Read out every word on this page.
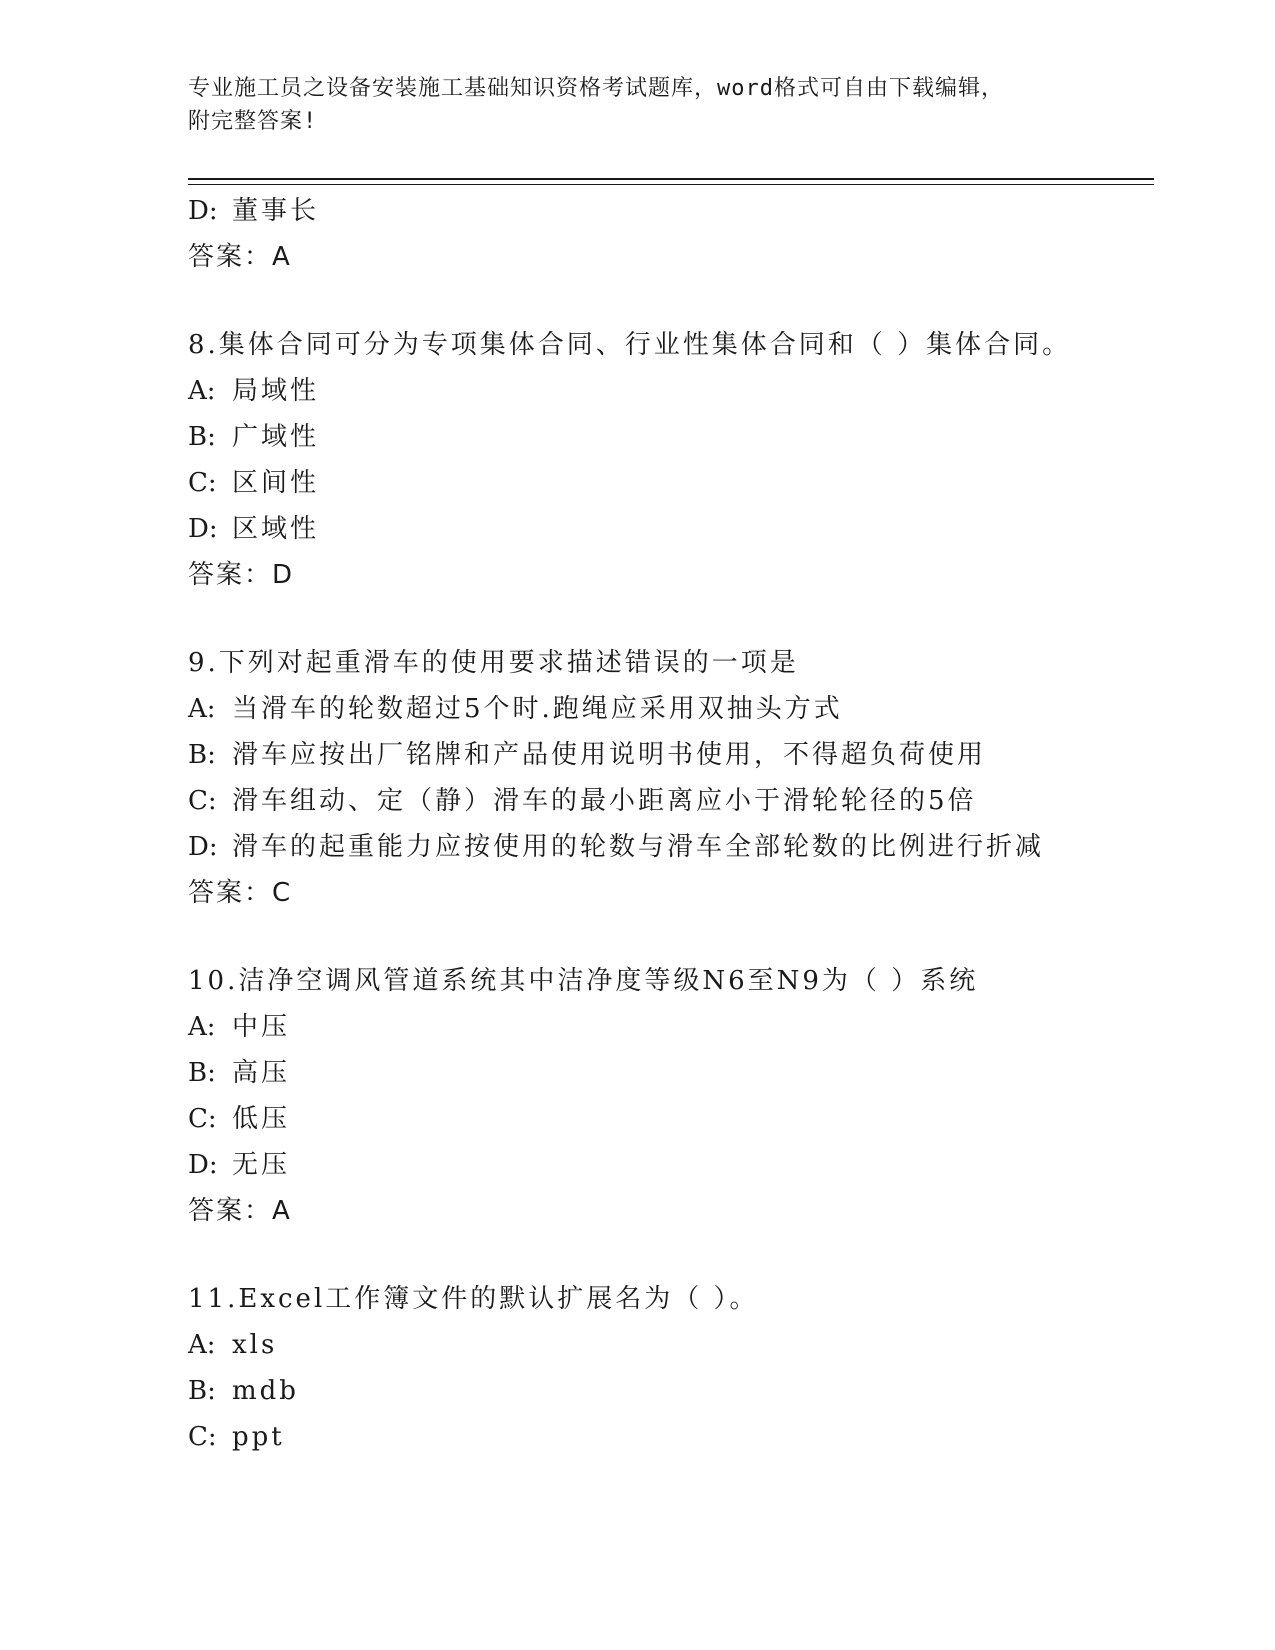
专业施工员之设备安装施工基础知识资格考试题库，word格式可自由下载编辑，
附完整答案!
D: 董事长
答案：A
8.集体合同可分为专项集体合同、行业性集体合同和（ ）集体合同。
A: 局域性
B: 广域性
C: 区间性
D: 区域性
答案：D
9.下列对起重滑车的使用要求描述错误的一项是
A: 当滑车的轮数超过5个时.跑绳应采用双抽头方式
B: 滑车应按出厂铭牌和产品使用说明书使用，不得超负荷使用
C: 滑车组动、定（静）滑车的最小距离应小于滑轮轮径的5倍
D: 滑车的起重能力应按使用的轮数与滑车全部轮数的比例进行折减
答案：C
10.洁净空调风管道系统其中洁净度等级N6至N9为（ ）系统
A: 中压
B: 高压
C: 低压
D: 无压
答案：A
11.Excel工作簿文件的默认扩展名为（ ）。
A: xls
B: mdb
C: ppt
